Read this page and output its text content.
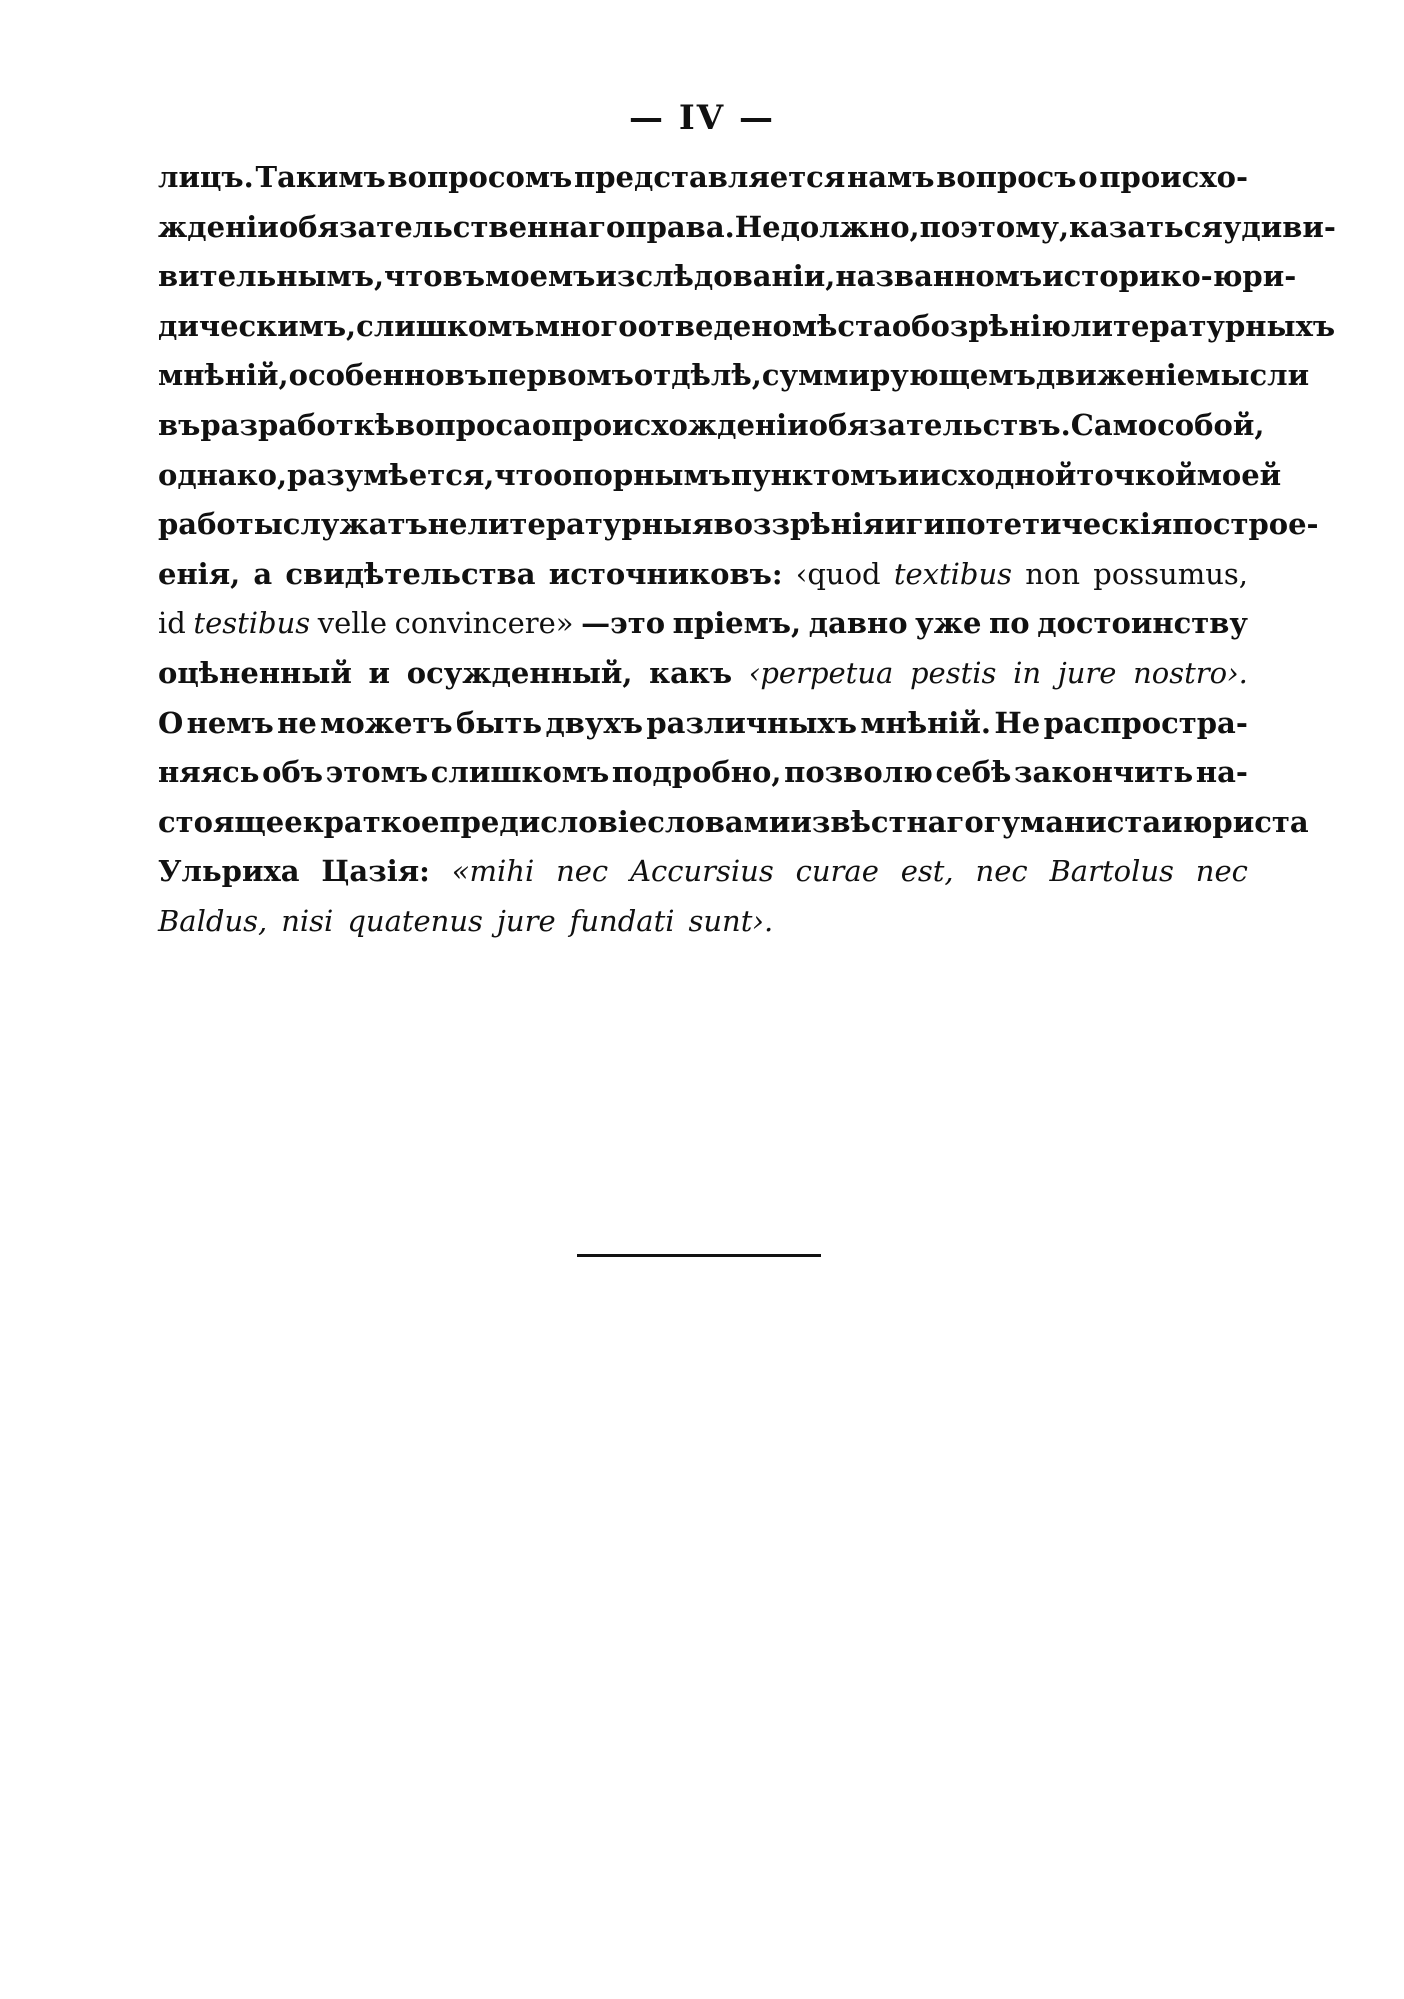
— IV —
лицъ. Такимъ вопросомъ представляется намъ вопросъ о происхо-
жденіи обязательственнаго права. Не должно, поэтому, казаться удиви-
вительнымъ, что въ моемъ изслѣдованіи, названномъ историко-юри-
дическимъ, слишкомъ много отведено мѣста обозрѣнію литературныхъ
мнѣній, особенно въ первомъ отдѣлѣ, суммирующемъ движеніе мысли
въ разработкѣ вопроса о происхожденіи обязательствъ.Само собой,
однако, разумѣется, что опорнымъ пунктомъ и исходной точкой моей
работы служатъ не литературныя воззрѣнія и гипотетическія построе-
енія, а свидѣтельства источниковъ: ‹quod textibus non possumus,
id testibus velle convincere» —это пріемъ, давно уже по достоинству
оцѣненный и осужденный, какъ ‹perpetua pestis in jure nostro›.
О немъ не можетъ быть двухъ различныхъ мнѣній. Не распростра-
няясь объ этомъ слишкомъ подробно, позволю себѣ закончить на-
стоящее краткое предисловіе словами извѣстнаго гуманиста и юриста
Ульриха Цазія: «mihi nec Accursius curae est, nec Bartolus nec
Baldus, nisi quatenus jure fundati sunt›.
